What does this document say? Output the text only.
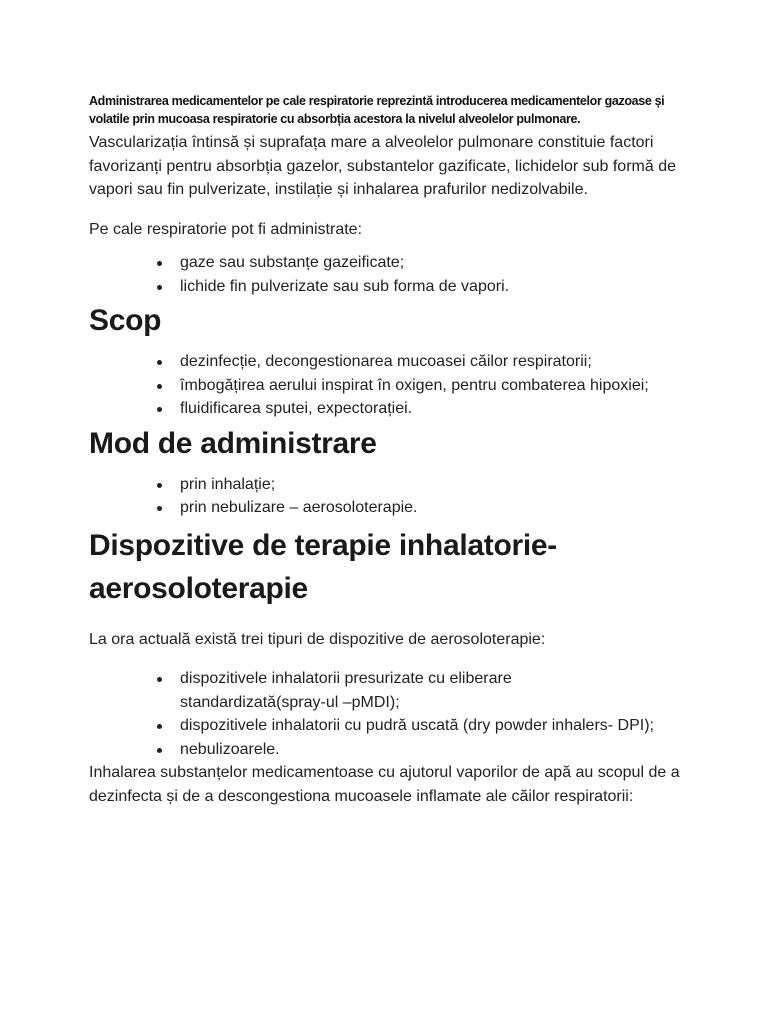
Administrarea medicamentelor pe cale respiratorie reprezintă introducerea medicamentelor gazoase și volatile prin mucoasa respiratorie cu absorbția acestora la nivelul alveolelor pulmonare.

Vascularizația întinsă și suprafața mare a alveolelor pulmonare constituie factori favorizanți pentru absorbția gazelor, substantelor gazificate, lichidelor sub formă de vapori sau fin pulverizate, instilație și inhalarea prafurilor nedizolvabile.

Pe cale respiratorie pot fi administrate:

gaze sau substanțe gazeificate;
lichide fin pulverizate sau sub forma de vapori.
Scop
dezinfecție, decongestionarea mucoasei căilor respiratorii;
îmbogățirea aerului inspirat în oxigen, pentru combaterea hipoxiei;
fluidificarea sputei, expectorației.
Mod de administrare
prin inhalație;
prin nebulizare – aerosoloterapie.
Dispozitive de terapie inhalatorie-aerosoloterapie

La ora actuală există trei tipuri de dispozitive de aerosoloterapie:

dispozitivele inhalatorii presurizate cu eliberare standardizată(spray-ul –pMDI);
dispozitivele inhalatorii cu pudră uscată (dry powder inhalers- DPI);
nebulizoarele.

Inhalarea substanțelor medicamentoase cu ajutorul vaporilor de apă au scopul de a dezinfecta și de a descongestiona mucoasele inflamate ale căilor respiratorii:
